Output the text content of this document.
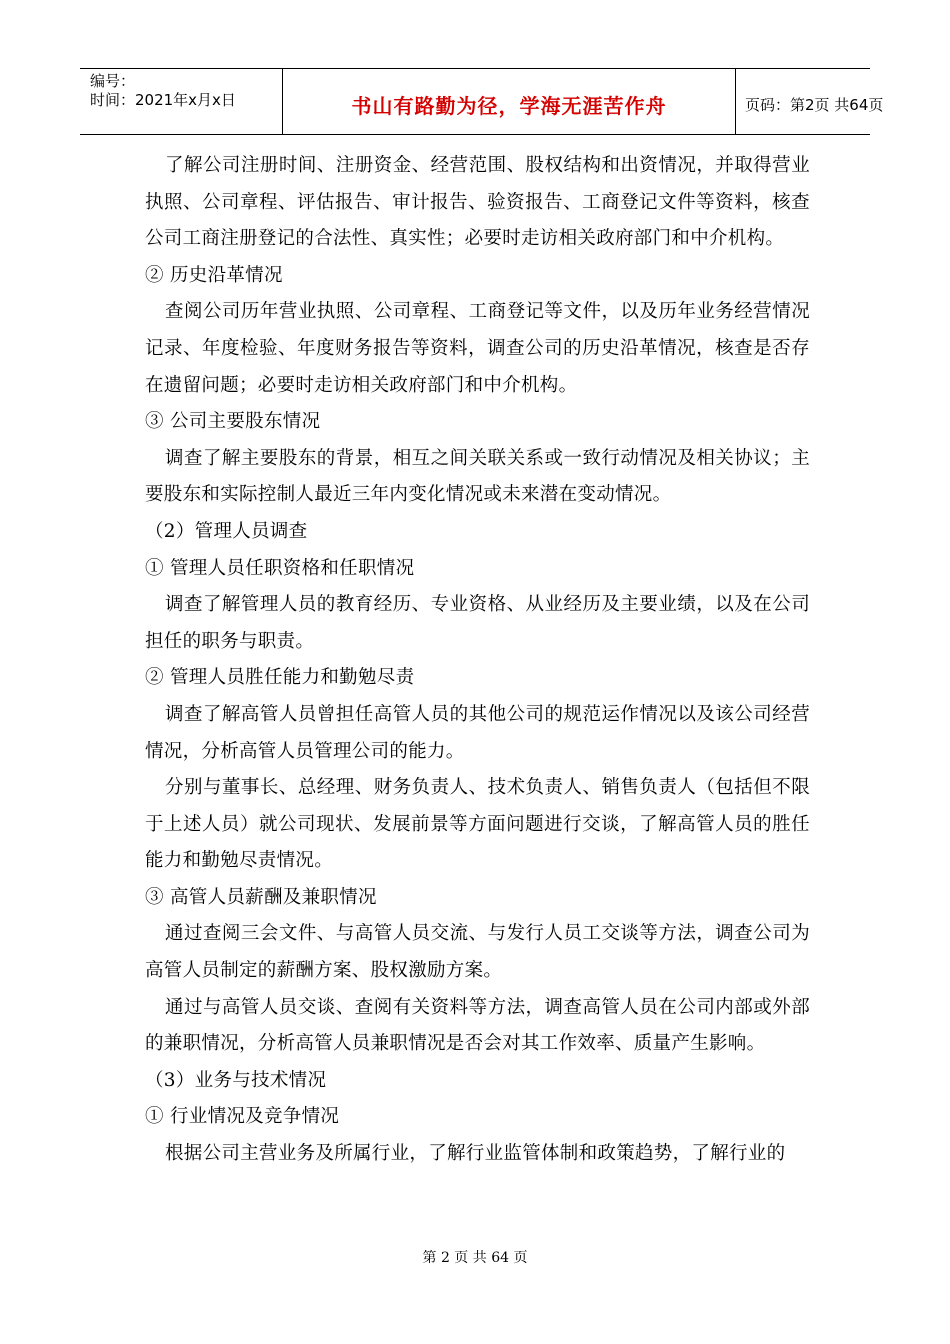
编号：
时间：2021年x月x日	书山有路勤为径，学海无涯苦作舟	页码：第2页 共64页

了解公司注册时间、注册资金、经营范围、股权结构和出资情况，并取得营业执照、公司章程、评估报告、审计报告、验资报告、工商登记文件等资料，核查公司工商注册登记的合法性、真实性；必要时走访相关政府部门和中介机构。

② 历史沿革情况

查阅公司历年营业执照、公司章程、工商登记等文件，以及历年业务经营情况记录、年度检验、年度财务报告等资料，调查公司的历史沿革情况，核查是否存在遗留问题；必要时走访相关政府部门和中介机构。

③ 公司主要股东情况

调查了解主要股东的背景，相互之间关联关系或一致行动情况及相关协议；主要股东和实际控制人最近三年内变化情况或未来潜在变动情况。

（2）管理人员调查

① 管理人员任职资格和任职情况

调查了解管理人员的教育经历、专业资格、从业经历及主要业绩，以及在公司担任的职务与职责。

② 管理人员胜任能力和勤勉尽责

调查了解高管人员曾担任高管人员的其他公司的规范运作情况以及该公司经营情况，分析高管人员管理公司的能力。

分别与董事长、总经理、财务负责人、技术负责人、销售负责人（包括但不限于上述人员）就公司现状、发展前景等方面问题进行交谈，了解高管人员的胜任能力和勤勉尽责情况。

③ 高管人员薪酬及兼职情况

通过查阅三会文件、与高管人员交流、与发行人员工交谈等方法，调查公司为高管人员制定的薪酬方案、股权激励方案。

通过与高管人员交谈、查阅有关资料等方法，调查高管人员在公司内部或外部的兼职情况，分析高管人员兼职情况是否会对其工作效率、质量产生影响。

（3）业务与技术情况

① 行业情况及竞争情况

根据公司主营业务及所属行业，了解行业监管体制和政策趋势，了解行业的

第 2 页 共 64 页
